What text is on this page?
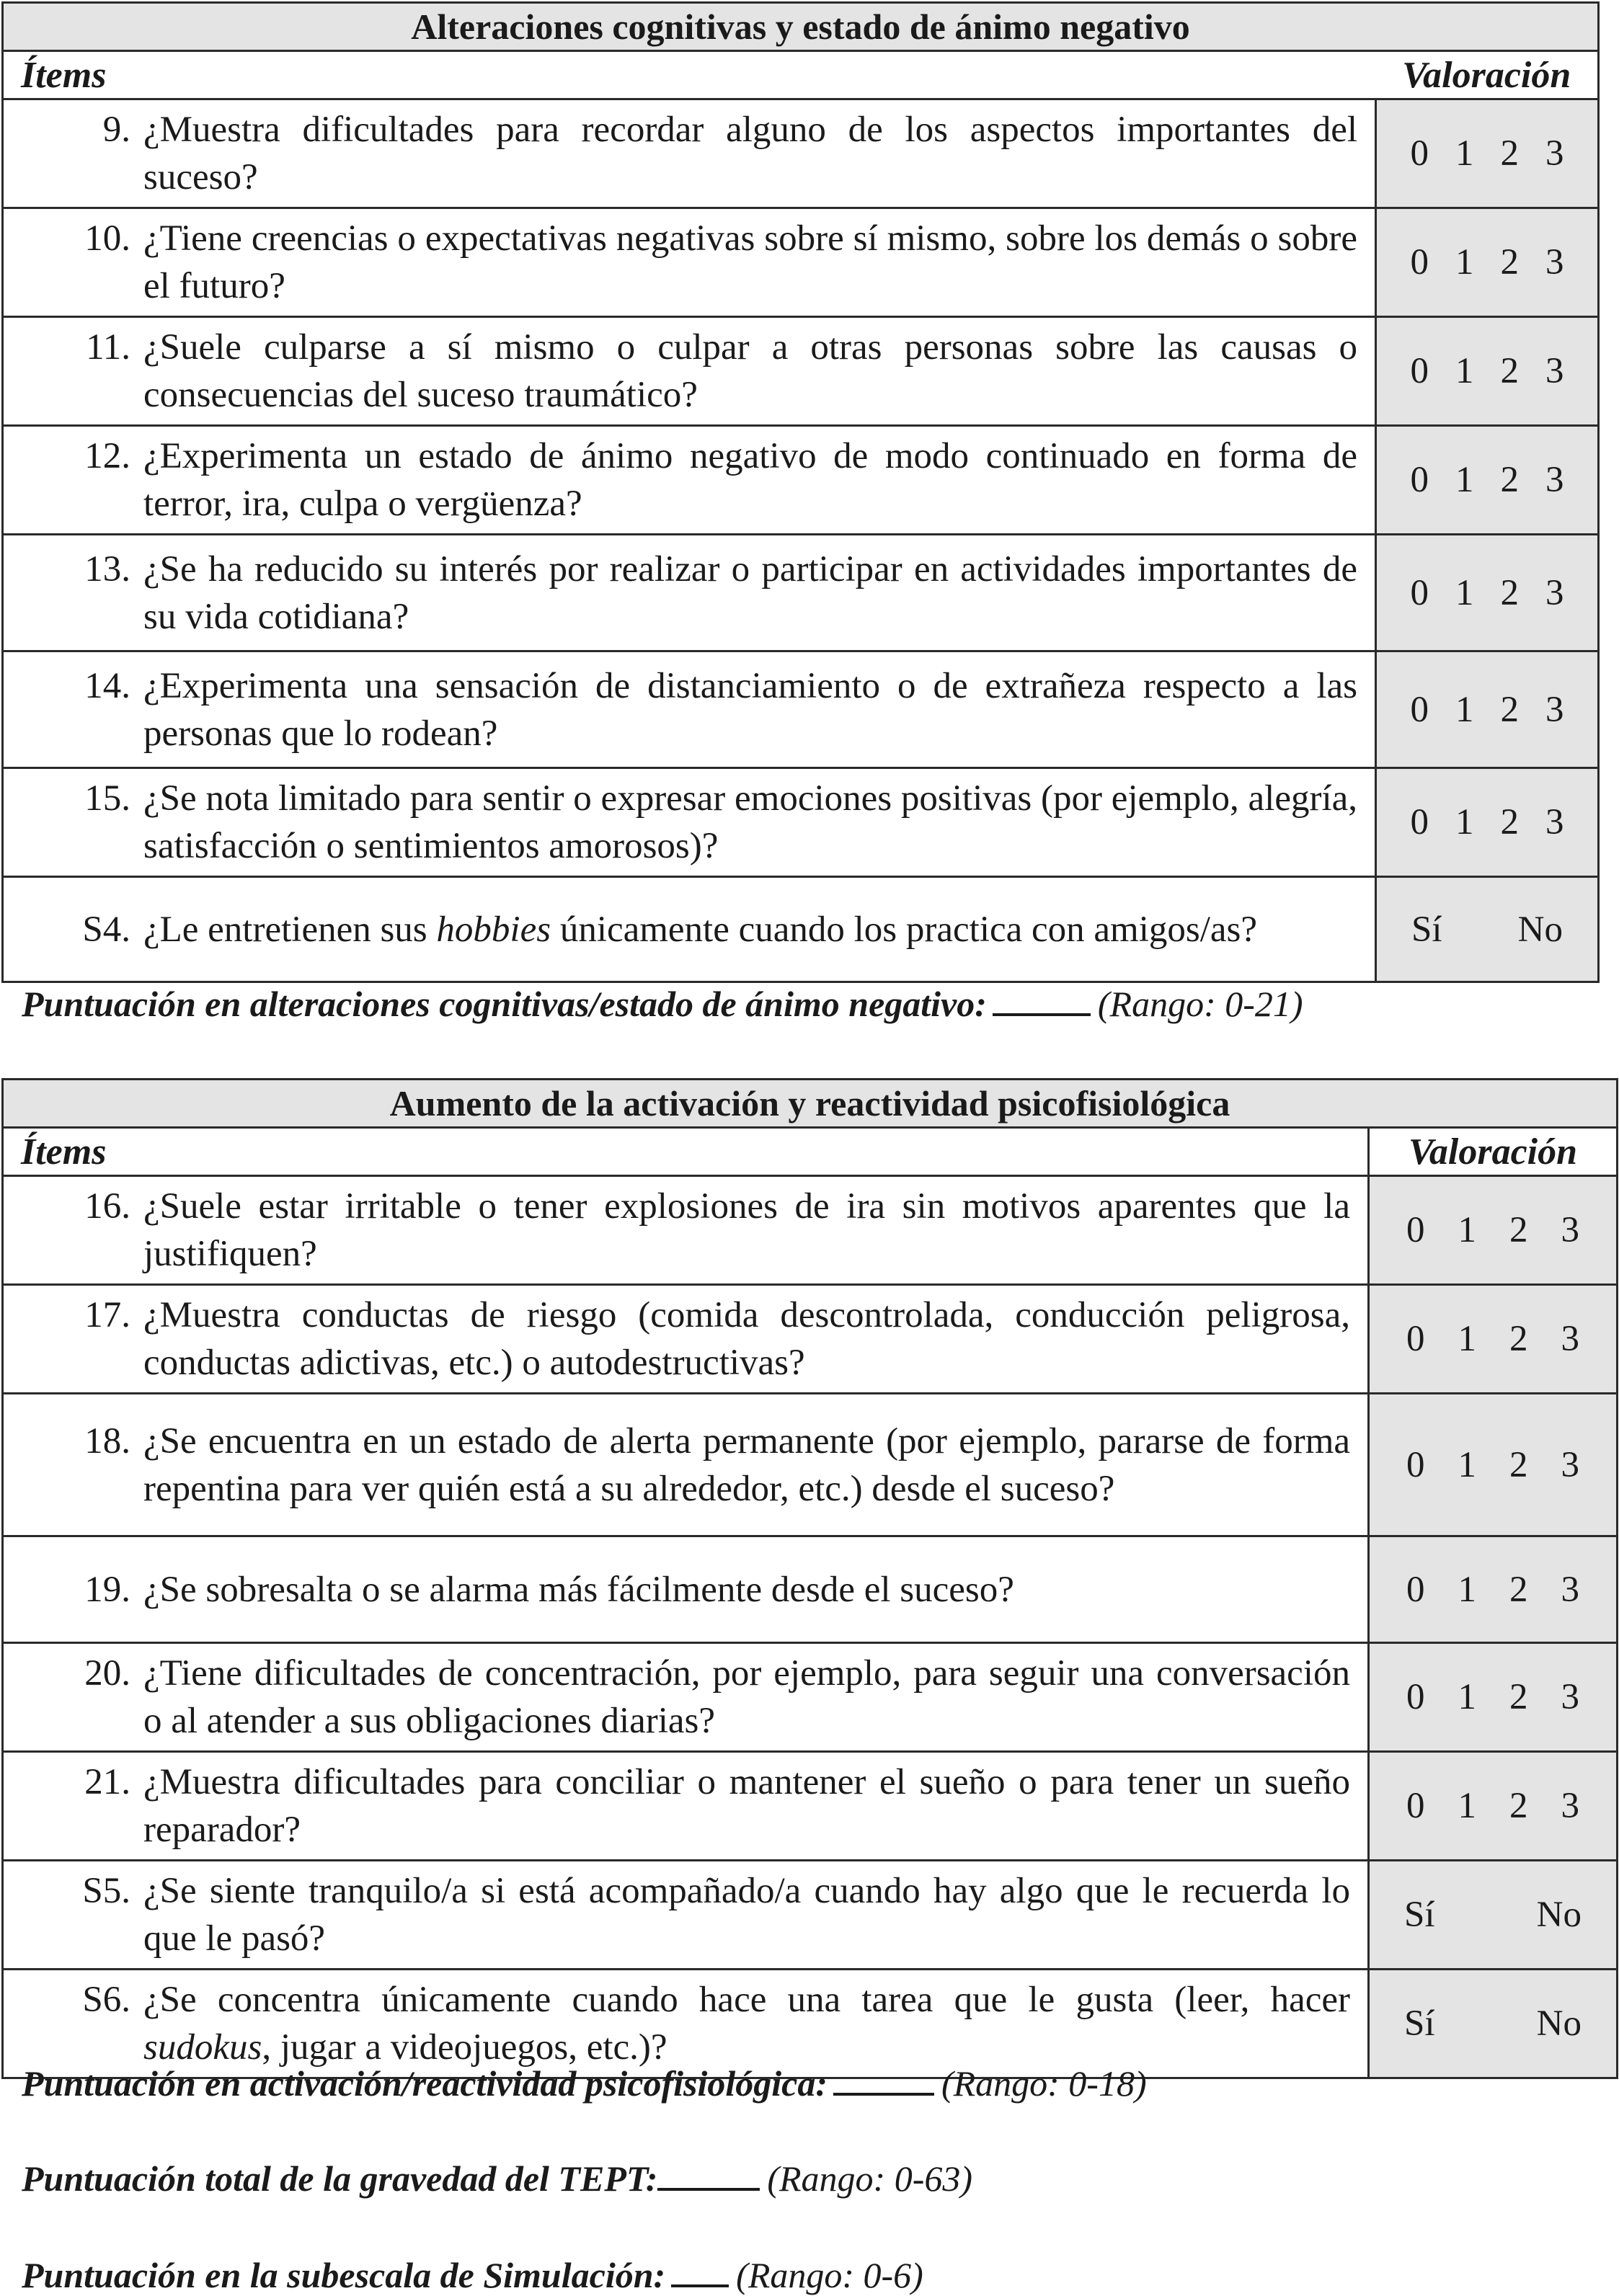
Alteraciones cognitivas y estado de ánimo negativo	
Ítems	Valoración

9. ¿Muestra dificultades para recordar alguno de los aspectos importantes del suceso?	0 1 2 3

10. ¿Tiene creencias o expectativas negativas sobre sí mismo, sobre los demás o sobre el futuro?	0 1 2 3

11. ¿Suele culparse a sí mismo o culpar a otras personas sobre las causas o consecuencias del suceso traumático?	0 1 2 3

12. ¿Experimenta un estado de ánimo negativo de modo continuado en forma de terror, ira, culpa o vergüenza?	0 1 2 3

13. ¿Se ha reducido su interés por realizar o participar en actividades importantes de su vida cotidiana?	0 1 2 3

14. ¿Experimenta una sensación de distanciamiento o de extrañeza respecto a las personas que lo rodean?	0 1 2 3

15. ¿Se nota limitado para sentir o expresar emociones positivas (por ejemplo, alegría, satisfacción o sentimientos amorosos)?	0 1 2 3

S4. ¿Le entretienen sus hobbies únicamente cuando los practica con amigos/as?	Sí No
Puntuación en alteraciones cognitivas/estado de ánimo negativo:	(Rango: 0-21)
Aumento de la activación y reactividad psicofisiológica	
Ítems	Valoración

16. ¿Suele estar irritable o tener explosiones de ira sin motivos aparentes que la justifiquen?	0 1 2 3

17. ¿Muestra conductas de riesgo (comida descontrolada, conducción peligrosa, conductas adictivas, etc.) o autodestructivas?	0 1 2 3

18. ¿Se encuentra en un estado de alerta permanente (por ejemplo, pararse de forma repentina para ver quién está a su alrededor, etc.) desde el suceso?	0 1 2 3

19. ¿Se sobresalta o se alarma más fácilmente desde el suceso?	0 1 2 3

20. ¿Tiene dificultades de concentración, por ejemplo, para seguir una conversación o al atender a sus obligaciones diarias?	0 1 2 3

21. ¿Muestra dificultades para conciliar o mantener el sueño o para tener un sueño reparador?	0 1 2 3

S5. ¿Se siente tranquilo/a si está acompañado/a cuando hay algo que le recuerda lo que le pasó?	Sí No

S6. ¿Se concentra únicamente cuando hace una tarea que le gusta (leer, hacer sudokus, jugar a videojuegos, etc.)?	Sí No
Puntuación en activación/reactividad psicofisiológica:	(Rango: 0-18)
Puntuación total de la gravedad del TEPT:	(Rango: 0-63)
Puntuación en la subescala de Simulación: (Rango: 0-6)
